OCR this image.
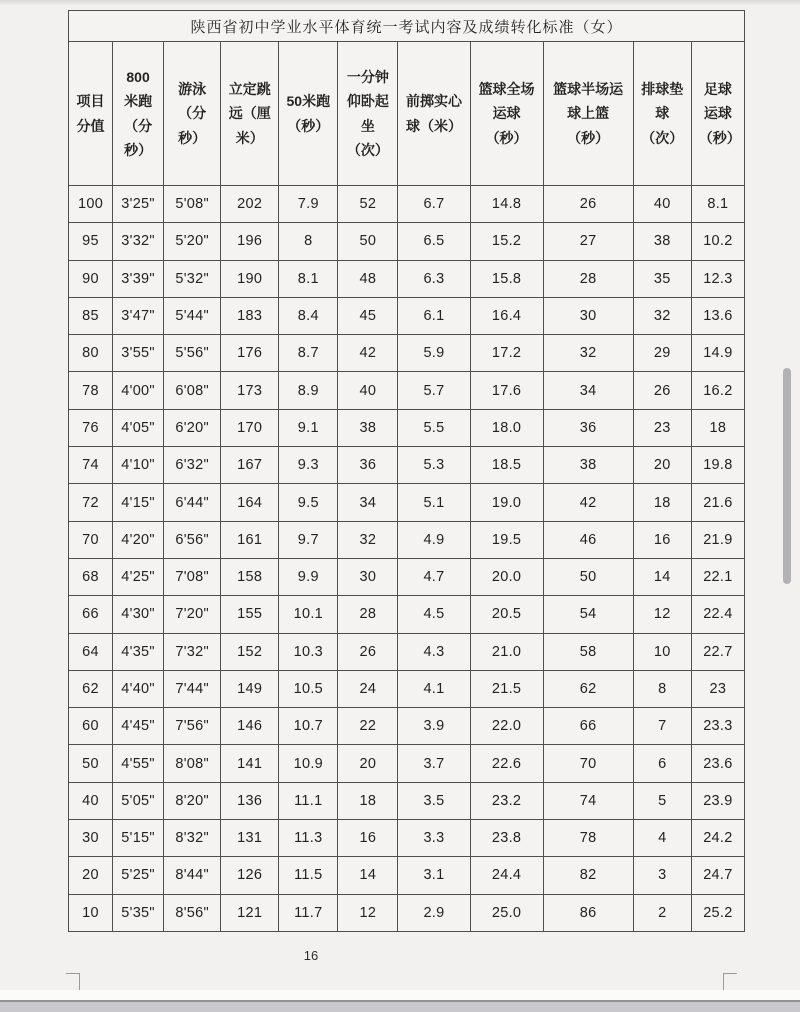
陕西省初中学业水平体育统一考试内容及成绩转化标准（女）										
项目分值	800米跑（分秒）	游泳（分秒）	立定跳远（厘米）	50米跑（秒）	一分钟仰卧起坐（次）	前掷实心球（米）	篮球全场运球（秒）	篮球半场运球上篮（秒）	排球垫球（次）	足球运球（秒）
100	3'25"	5'08"	202	7.9	52	6.7	14.8	26	40	8.1
95	3'32"	5'20"	196	8	50	6.5	15.2	27	38	10.2
90	3'39"	5'32"	190	8.1	48	6.3	15.8	28	35	12.3
85	3'47"	5'44"	183	8.4	45	6.1	16.4	30	32	13.6
80	3'55"	5'56"	176	8.7	42	5.9	17.2	32	29	14.9
78	4'00"	6'08"	173	8.9	40	5.7	17.6	34	26	16.2
76	4'05"	6'20"	170	9.1	38	5.5	18.0	36	23	18
74	4'10"	6'32"	167	9.3	36	5.3	18.5	38	20	19.8
72	4'15"	6'44"	164	9.5	34	5.1	19.0	42	18	21.6
70	4'20"	6'56"	161	9.7	32	4.9	19.5	46	16	21.9
68	4'25"	7'08"	158	9.9	30	4.7	20.0	50	14	22.1
66	4'30"	7'20"	155	10.1	28	4.5	20.5	54	12	22.4
64	4'35"	7'32"	152	10.3	26	4.3	21.0	58	10	22.7
62	4'40"	7'44"	149	10.5	24	4.1	21.5	62	8	23
60	4'45"	7'56"	146	10.7	22	3.9	22.0	66	7	23.3
50	4'55"	8'08"	141	10.9	20	3.7	22.6	70	6	23.6
40	5'05"	8'20"	136	11.1	18	3.5	23.2	74	5	23.9
30	5'15"	8'32"	131	11.3	16	3.3	23.8	78	4	24.2
20	5'25"	8'44"	126	11.5	14	3.1	24.4	82	3	24.7
10	5'35"	8'56"	121	11.7	12	2.9	25.0	86	2	25.2
16
